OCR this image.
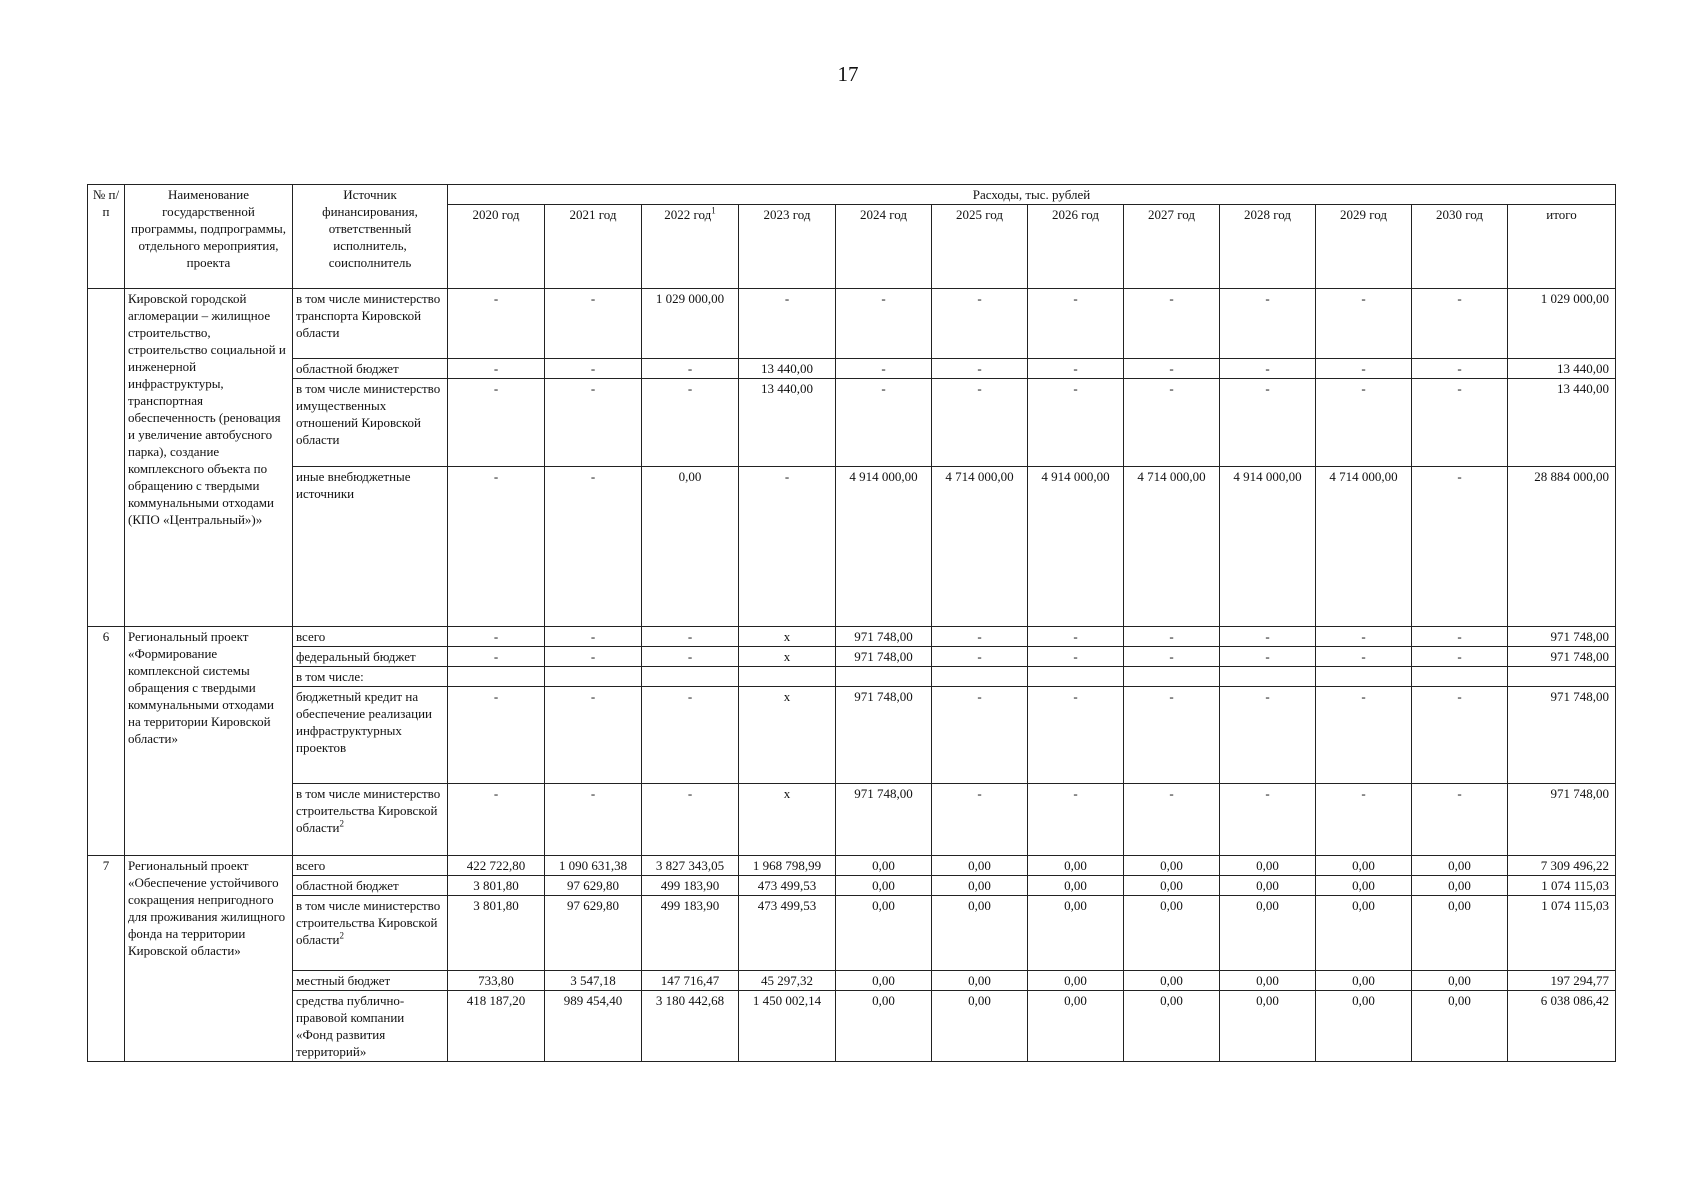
17
№ п/п	Наименование государственной программы, подпрограммы, отдельного мероприятия, проекта	Источник финансирования, ответственный исполнитель, соисполнитель	Расходы, тыс. рублей											
			2020 год	2021 год	2022 год$^1$	2023 год	2024 год	2025 год	2026 год	2027 год	2028 год	2029 год	2030 год	итого
	Кировской городской агломерации – жилищное строительство, строительство социальной и инженерной инфраструктуры, транспортная обеспеченность (реновация и увеличение автобусного парка), создание комплексного объекта по обращению с твердыми коммунальными отходами (КПО «Центральный»)»	в том числе министерство транспорта Кировской области	-	-	1 029 000,00	-	-	-	-	-	-	-	-	1 029 000,00
		областной бюджет	-	-	-	13 440,00	-	-	-	-	-	-	-	13 440,00
		в том числе министерство имущественных отношений Кировской области	-	-	-	13 440,00	-	-	-	-	-	-	-	13 440,00
		иные внебюджетные источники	-	-	0,00	-	4 914 000,00	4 714 000,00	4 914 000,00	4 714 000,00	4 914 000,00	4 714 000,00	-	28 884 000,00
6	Региональный проект «Формирование комплексной системы обращения с твердыми коммунальными отходами на территории Кировской области»	всего	-	-	-	x	971 748,00	-	-	-	-	-	-	971 748,00
		федеральный бюджет	-	-	-	x	971 748,00	-	-	-	-	-	-	971 748,00
		в том числе:												
		бюджетный кредит на обеспечение реализации инфраструктурных проектов	-	-	-	x	971 748,00	-	-	-	-	-	-	971 748,00
		в том числе министерство строительства Кировской области$^2$	-	-	-	x	971 748,00	-	-	-	-	-	-	971 748,00
7	Региональный проект «Обеспечение устойчивого сокращения непригодного для проживания жилищного фонда на территории Кировской области»	всего	422 722,80	1 090 631,38	3 827 343,05	1 968 798,99	0,00	0,00	0,00	0,00	0,00	0,00	0,00	7 309 496,22
		областной бюджет	3 801,80	97 629,80	499 183,90	473 499,53	0,00	0,00	0,00	0,00	0,00	0,00	0,00	1 074 115,03
		в том числе министерство строительства Кировской области$^2$	3 801,80	97 629,80	499 183,90	473 499,53	0,00	0,00	0,00	0,00	0,00	0,00	0,00	1 074 115,03
		местный бюджет	733,80	3 547,18	147 716,47	45 297,32	0,00	0,00	0,00	0,00	0,00	0,00	0,00	197 294,77
		средства публично-правовой компании «Фонд развития территорий»	418 187,20	989 454,40	3 180 442,68	1 450 002,14	0,00	0,00	0,00	0,00	0,00	0,00	0,00	6 038 086,42
